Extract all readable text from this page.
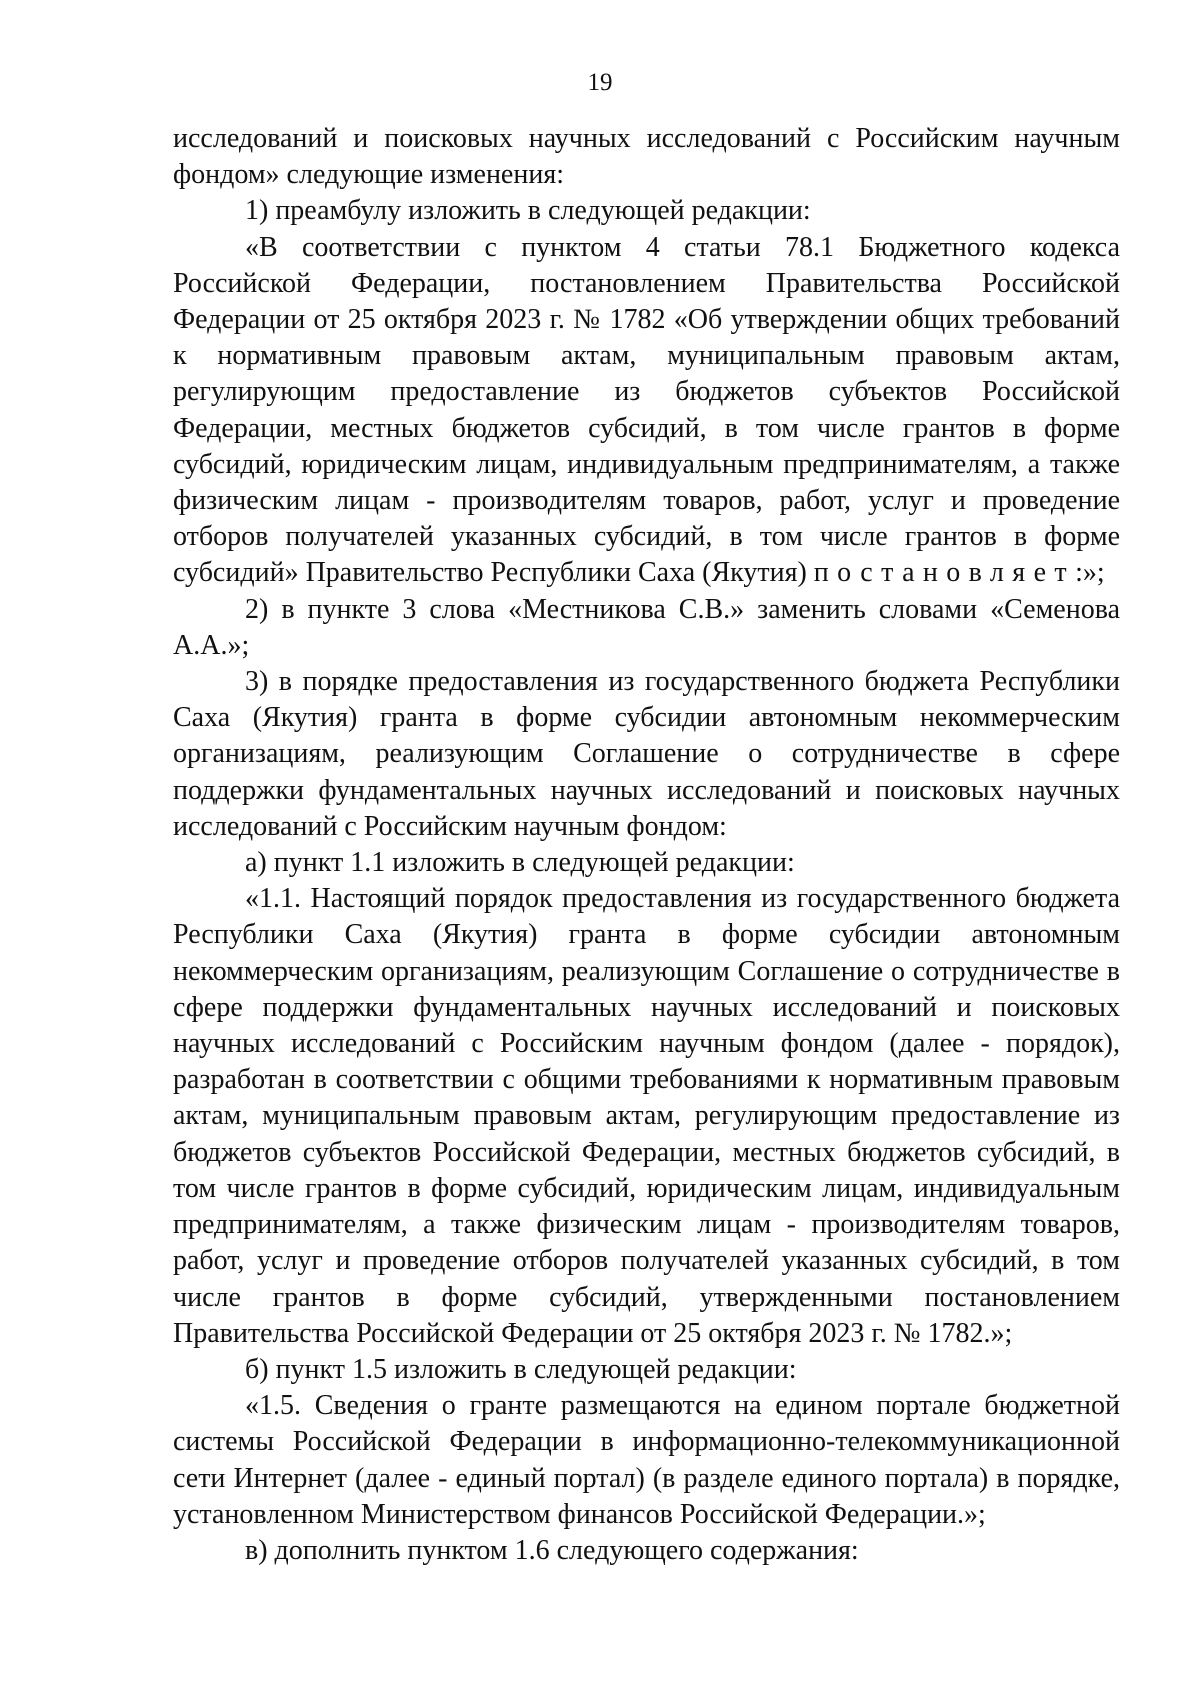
19

исследований и поисковых научных исследований с Российским научным фондом» следующие изменения:

1) преамбулу изложить в следующей редакции:

«В соответствии с пунктом 4 статьи 78.1 Бюджетного кодекса Российской Федерации, постановлением Правительства Российской Федерации от 25 октября 2023 г. № 1782 «Об утверждении общих требований к нормативным правовым актам, муниципальным правовым актам, регулирующим предоставление из бюджетов субъектов Российской Федерации, местных бюджетов субсидий, в том числе грантов в форме субсидий, юридическим лицам, индивидуальным предпринимателям, а также физическим лицам - производителям товаров, работ, услуг и проведение отборов получателей указанных субсидий, в том числе грантов в форме субсидий» Правительство Республики Саха (Якутия) постановляет:»;

2) в пункте 3 слова «Местникова С.В.» заменить словами «Семенова А.А.»;

3) в порядке предоставления из государственного бюджета Республики Саха (Якутия) гранта в форме субсидии автономным некоммерческим организациям, реализующим Соглашение о сотрудничестве в сфере поддержки фундаментальных научных исследований и поисковых научных исследований с Российским научным фондом:

а) пункт 1.1 изложить в следующей редакции:

«1.1. Настоящий порядок предоставления из государственного бюджета Республики Саха (Якутия) гранта в форме субсидии автономным некоммерческим организациям, реализующим Соглашение о сотрудничестве в сфере поддержки фундаментальных научных исследований и поисковых научных исследований с Российским научным фондом (далее - порядок), разработан в соответствии с общими требованиями к нормативным правовым актам, муниципальным правовым актам, регулирующим предоставление из бюджетов субъектов Российской Федерации, местных бюджетов субсидий, в том числе грантов в форме субсидий, юридическим лицам, индивидуальным предпринимателям, а также физическим лицам - производителям товаров, работ, услуг и проведение отборов получателей указанных субсидий, в том числе грантов в форме субсидий, утвержденными постановлением Правительства Российской Федерации от 25 октября 2023 г. № 1782.»;

б) пункт 1.5 изложить в следующей редакции:

«1.5. Сведения о гранте размещаются на едином портале бюджетной системы Российской Федерации в информационно-телекоммуникационной сети Интернет (далее - единый портал) (в разделе единого портала) в порядке, установленном Министерством финансов Российской Федерации.»;

в) дополнить пунктом 1.6 следующего содержания:
